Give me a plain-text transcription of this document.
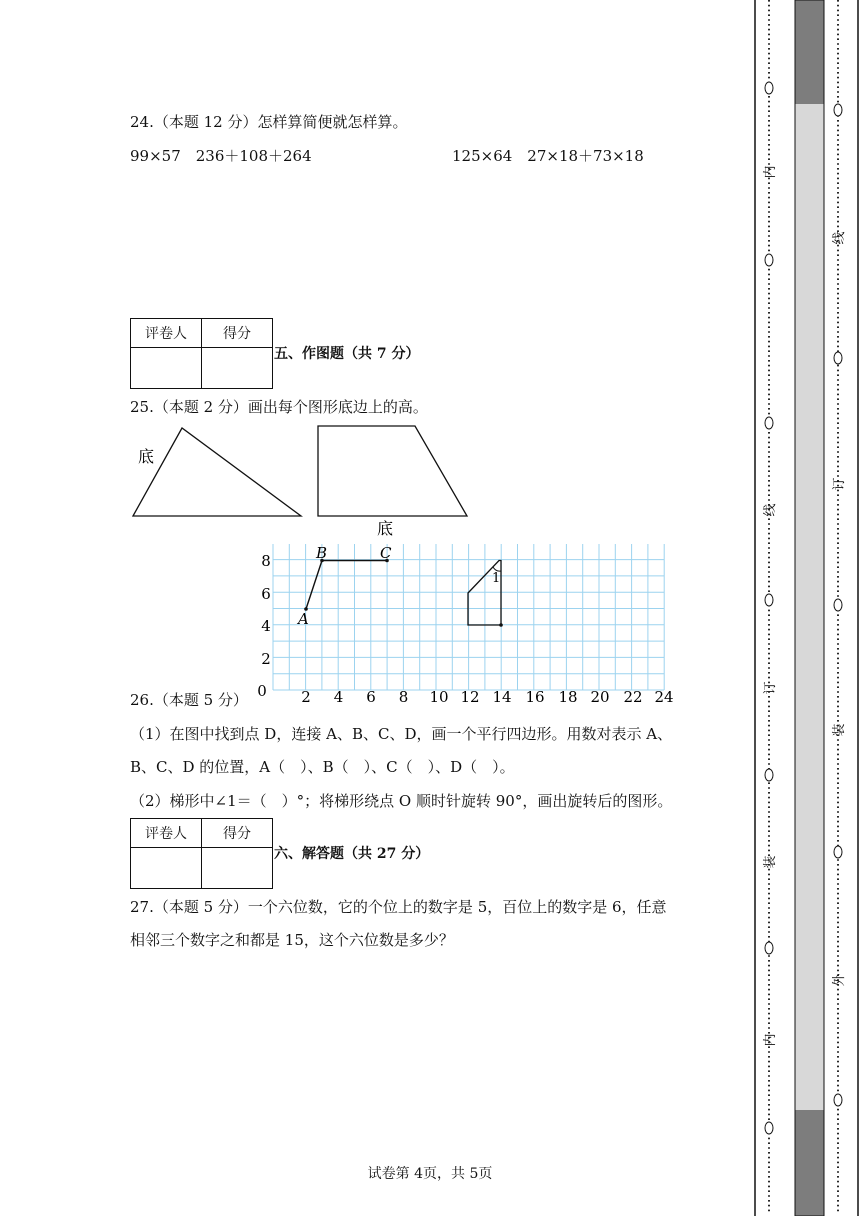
24.（本题 12 分）怎样算简便就怎样算。
99×57　236＋108＋264	125×64　27×18＋73×18
评卷人	得分

五、作图题（共 7 分）
25.（本题 2 分）画出每个图形底边上的高。
底
底
0
2
4
6
8
2 4 6 8 10 12 14 16 18 20 22 24
A
B	C
1
26.（本题 5 分）
（1）在图中找到点 D，连接 A、B、C、D，画一个平行四边形。用数对表示 A、
B、C、D 的位置，A（　）、B（　）、C（　）、D（　）。
（2）梯形中∠1＝（　）°；将梯形绕点 O 顺时针旋转 90°，画出旋转后的图形。
评卷人	得分

六、解答题（共 27 分）
27.（本题 5 分）一个六位数，它的个位上的数字是 5，百位上的数字是 6，任意
相邻三个数字之和都是 15，这个六位数是多少？
试卷第 4页，共 5页
内
线
订
装
内
线
订
装
外
